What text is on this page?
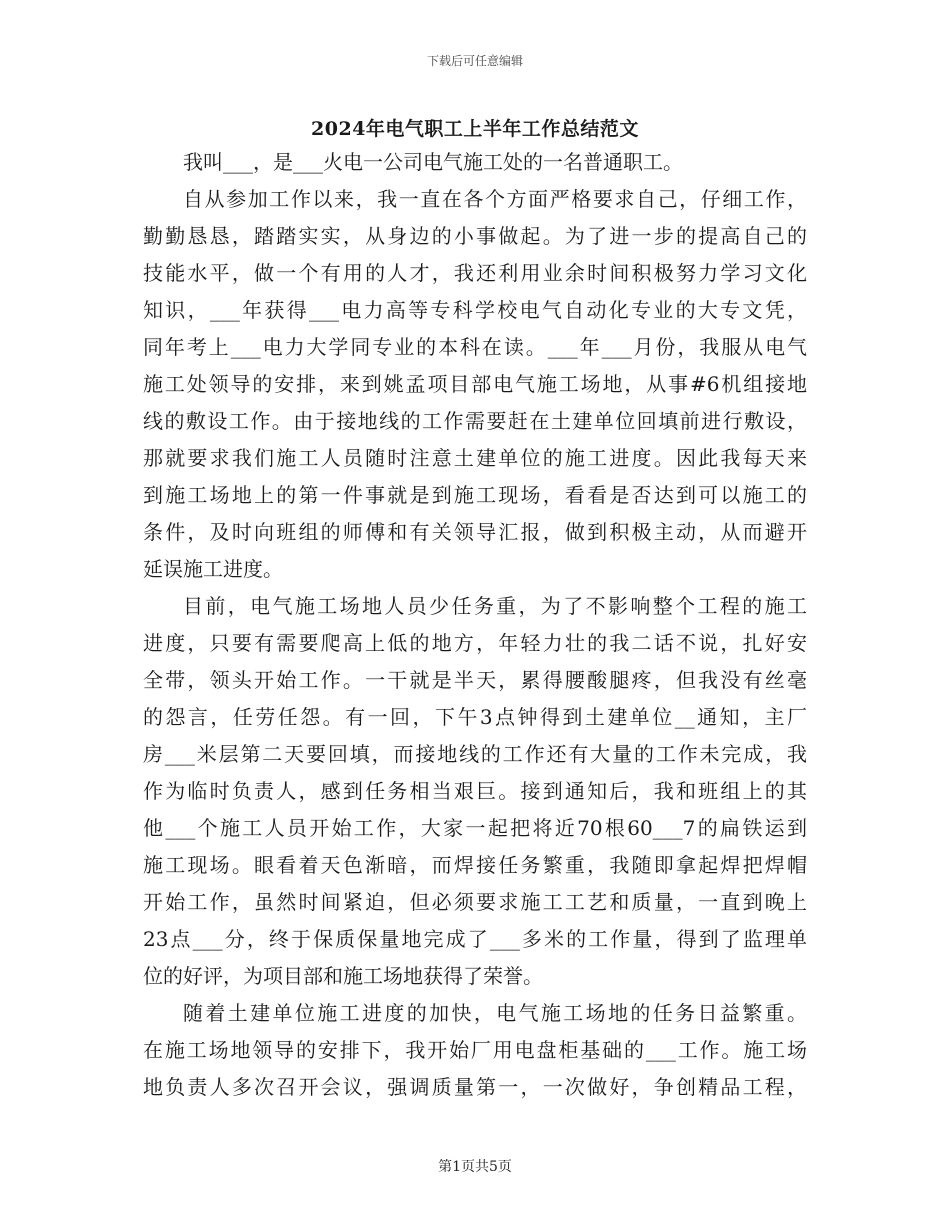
下载后可任意编辑
2024年电气职工上半年工作总结范文
我叫___，是___火电一公司电气施工处的一名普通职工。
自从参加工作以来，我一直在各个方面严格要求自己，仔细工作，
勤勤恳恳，踏踏实实，从身边的小事做起。为了进一步的提高自己的
技能水平，做一个有用的人才，我还利用业余时间积极努力学习文化
知识，___年获得___电力高等专科学校电气自动化专业的大专文凭，
同年考上___电力大学同专业的本科在读。___年___月份，我服从电气
施工处领导的安排，来到姚孟项目部电气施工场地，从事#6机组接地
线的敷设工作。由于接地线的工作需要赶在土建单位回填前进行敷设，
那就要求我们施工人员随时注意土建单位的施工进度。因此我每天来
到施工场地上的第一件事就是到施工现场，看看是否达到可以施工的
条件，及时向班组的师傅和有关领导汇报，做到积极主动，从而避开
延误施工进度。
目前，电气施工场地人员少任务重，为了不影响整个工程的施工
进度，只要有需要爬高上低的地方，年轻力壮的我二话不说，扎好安
全带，领头开始工作。一干就是半天，累得腰酸腿疼，但我没有丝毫
的怨言，任劳任怨。有一回，下午3点钟得到土建单位__通知，主厂
房___米层第二天要回填，而接地线的工作还有大量的工作未完成，我
作为临时负责人，感到任务相当艰巨。接到通知后，我和班组上的其
他___个施工人员开始工作，大家一起把将近70根60___7的扁铁运到
施工现场。眼看着天色渐暗，而焊接任务繁重，我随即拿起焊把焊帽
开始工作，虽然时间紧迫，但必须要求施工工艺和质量，一直到晚上
23点___分，终于保质保量地完成了___多米的工作量，得到了监理单
位的好评，为项目部和施工场地获得了荣誉。
随着土建单位施工进度的加快，电气施工场地的任务日益繁重。
在施工场地领导的安排下，我开始厂用电盘柜基础的___工作。施工场
地负责人多次召开会议，强调质量第一，一次做好，争创精品工程，
第1页共5页
